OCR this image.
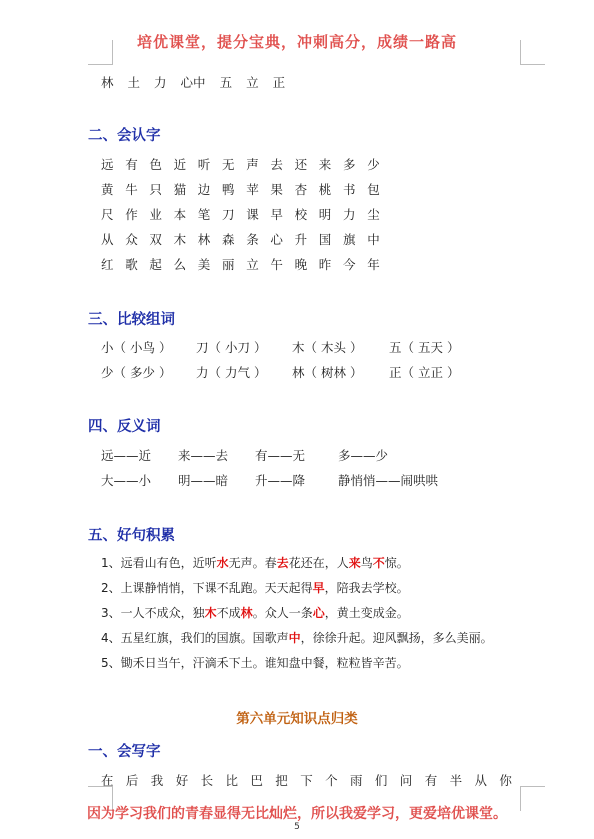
培优课堂，提分宝典，冲刺高分，成绩一路高
林 土 力 心中 五 立 正
二、会认字
远 有 色 近 听 无 声 去 还 来 多 少
黄 牛 只 猫 边 鸭 苹 果 杏 桃 书 包
尺 作 业 本 笔 刀 课 早 校 明 力 尘
从 众 双 木 林 森 条 心 升 国 旗 中
红 歌 起 么 美 丽 立 午 晚 昨 今 年
三、比较组词
小（ 小鸟 ） 刀（ 小刀 ） 木（ 木头 ） 五（ 五天 ）
少（ 多少 ） 力（ 力气 ） 林（ 树林 ） 正（ 立正 ）
四、反义词
远——近 来——去 有——无	多——少
大——小 明——暗 升——降	静悄悄——闹哄哄
五、好句积累
1、远看山有色，近听水无声。春去花还在，人来鸟不惊。
2、上课静悄悄，下课不乱跑。天天起得早，陪我去学校。
3、一人不成众，独木不成林。众人一条心，黄土变成金。
4、五星红旗，我们的国旗。国歌声中，徐徐升起。迎风飘扬，多么美丽。
5、锄禾日当午，汗滴禾下土。谁知盘中餐，粒粒皆辛苦。
第六单元知识点归类
一、会写字
在 后 我 好 长 比 巴 把 下 个 雨 们 问 有 半 从 你
因为学习我们的青春显得无比灿烂，所以我爱学习，更爱培优课堂。
5
